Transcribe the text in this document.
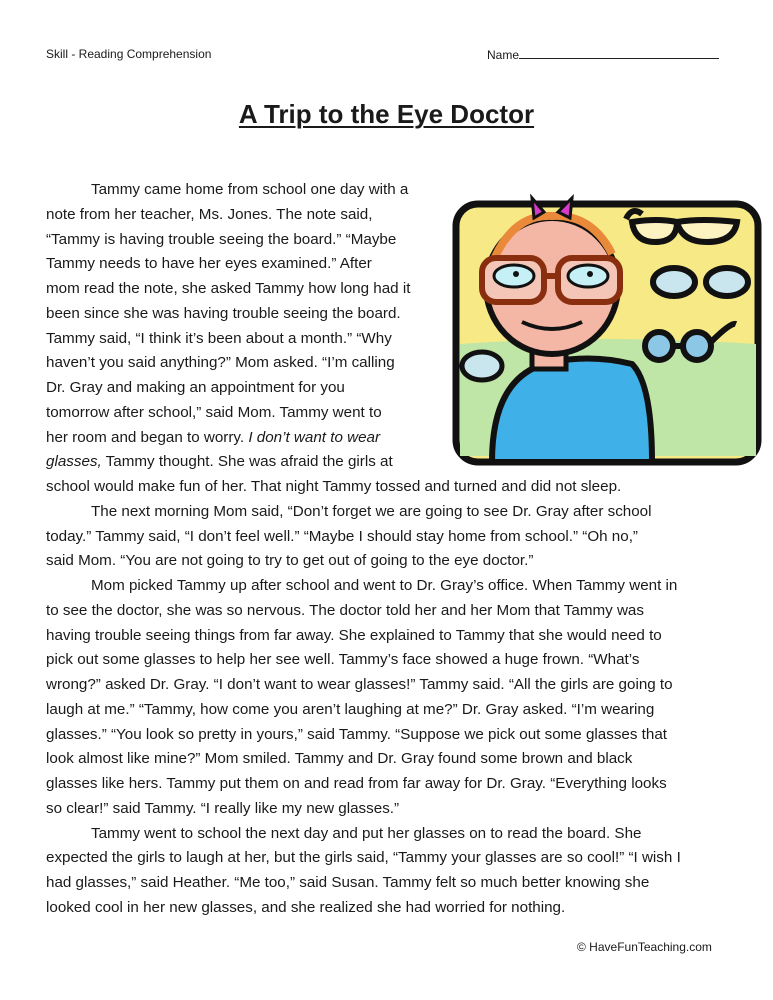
Skill - Reading Comprehension	Name
A Trip to the Eye Doctor
Tammy came home from school one day with a
note from her teacher, Ms. Jones. The note said,
“Tammy is having trouble seeing the board.” “Maybe
Tammy needs to have her eyes examined.” After
mom read the note, she asked Tammy how long had it
been since she was having trouble seeing the board.
Tammy said, “I think it’s been about a month.” “Why
haven’t you said anything?” Mom asked. “I’m calling
Dr. Gray and making an appointment for you
tomorrow after school,” said Mom. Tammy went to
her room and began to worry. I don’t want to wear
glasses, Tammy thought. She was afraid the girls at
school would make fun of her. That night Tammy tossed and turned and did not sleep.
The next morning Mom said, “Don’t forget we are going to see Dr. Gray after school
today.” Tammy said, “I don’t feel well.” “Maybe I should stay home from school.” “Oh no,”
said Mom. “You are not going to try to get out of going to the eye doctor.”
Mom picked Tammy up after school and went to Dr. Gray’s office. When Tammy went in
to see the doctor, she was so nervous. The doctor told her and her Mom that Tammy was
having trouble seeing things from far away. She explained to Tammy that she would need to
pick out some glasses to help her see well. Tammy’s face showed a huge frown. “What’s
wrong?” asked Dr. Gray. “I don’t want to wear glasses!” Tammy said. “All the girls are going to
laugh at me.” “Tammy, how come you aren’t laughing at me?” Dr. Gray asked. “I’m wearing
glasses.” “You look so pretty in yours,” said Tammy. “Suppose we pick out some glasses that
look almost like mine?” Mom smiled. Tammy and Dr. Gray found some brown and black
glasses like hers. Tammy put them on and read from far away for Dr. Gray. “Everything looks
so clear!” said Tammy. “I really like my new glasses.”
Tammy went to school the next day and put her glasses on to read the board. She
expected the girls to laugh at her, but the girls said, “Tammy your glasses are so cool!” “I wish I
had glasses,” said Heather. “Me too,” said Susan. Tammy felt so much better knowing she
looked cool in her new glasses, and she realized she had worried for nothing.
© HaveFunTeaching.com
